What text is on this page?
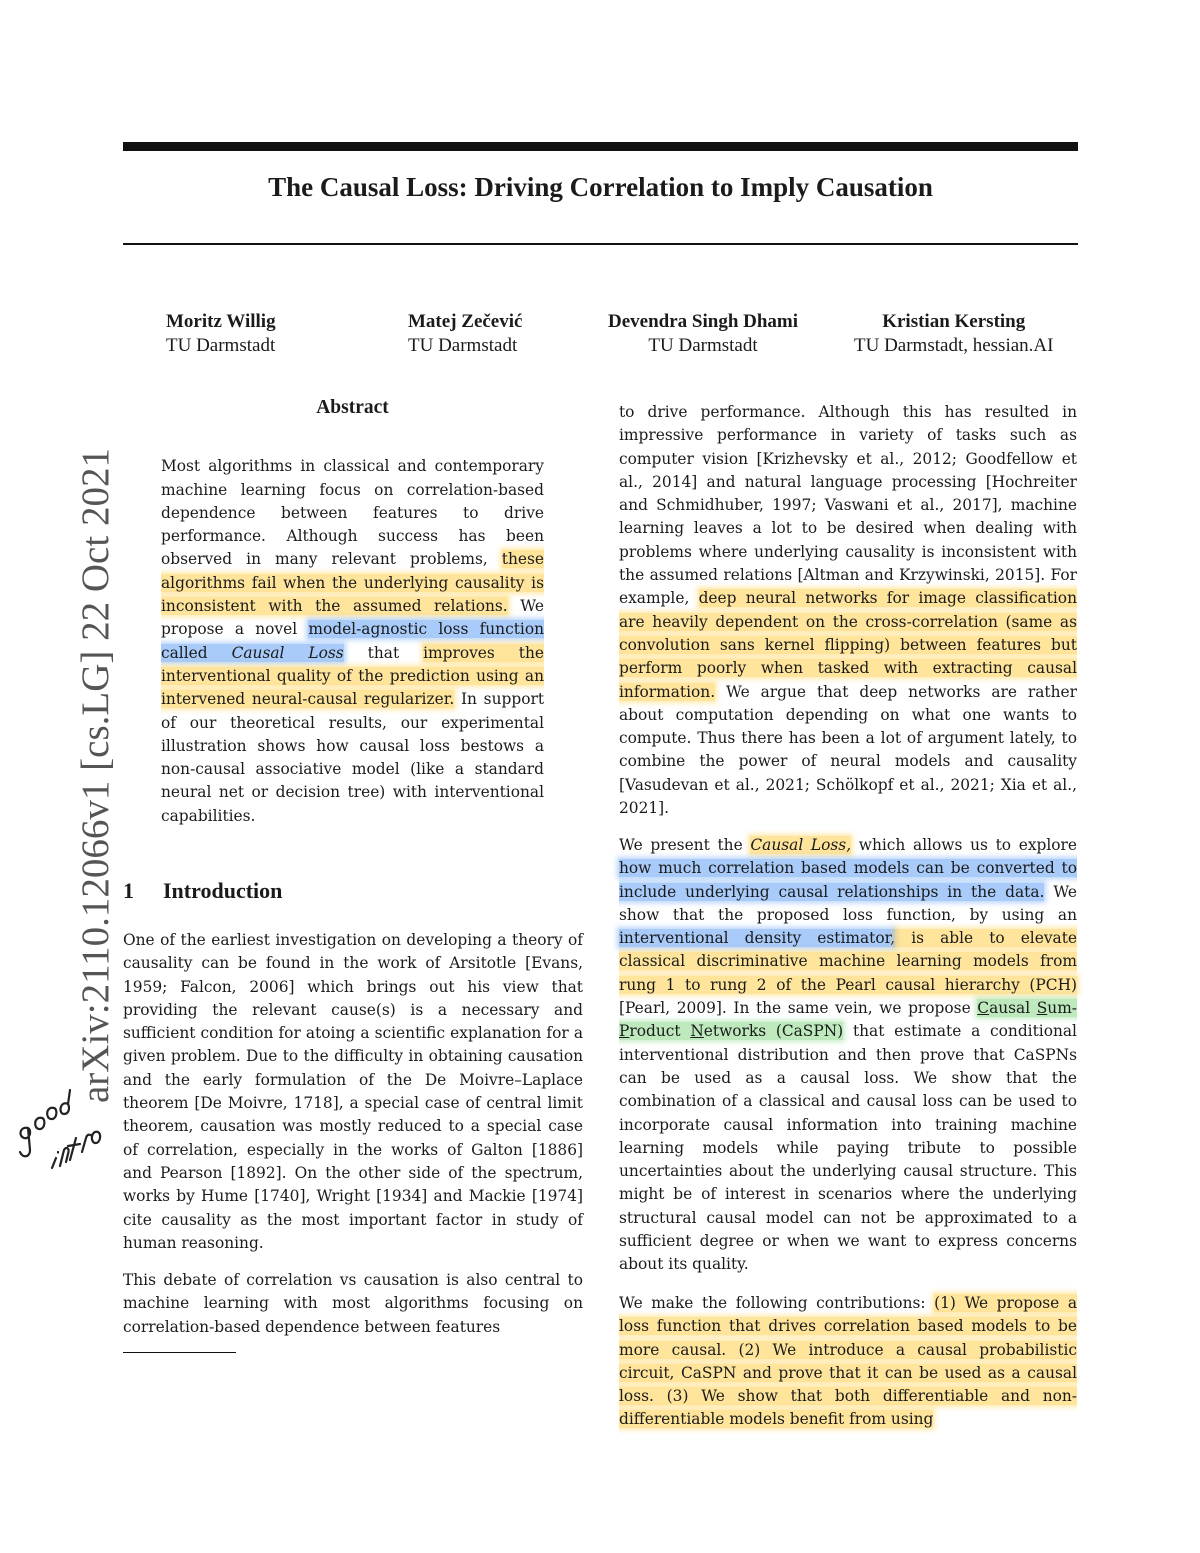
The Causal Loss: Driving Correlation to Imply Causation
Moritz Willig
TU Darmstadt
Matej Zečević
TU Darmstadt
Devendra Singh Dhami
TU Darmstadt
Kristian Kersting
TU Darmstadt, hessian.AI
arXiv:2110.12066v1 [cs.LG] 22 Oct 2021
Abstract

Most algorithms in classical and contemporary machine learning focus on correlation-based dependence between features to drive performance. Although success has been observed in many relevant problems, these algorithms fail when the underlying causality is inconsistent with the assumed relations. We propose a novel model-agnostic loss function called Causal Loss that improves the interventional quality of the prediction using an intervened neural-causal regularizer. In support of our theoretical results, our experimental illustration shows how causal loss bestows a non-causal associative model (like a standard neural net or decision tree) with interventional capabilities.

1 Introduction

One of the earliest investigation on developing a theory of causality can be found in the work of Arsitotle [Evans, 1959; Falcon, 2006] which brings out his view that providing the relevant cause(s) is a necessary and sufficient condition for atoing a scientific explanation for a given problem. Due to the difficulty in obtaining causation and the early formulation of the De Moivre–Laplace theorem [De Moivre, 1718], a special case of central limit theorem, causation was mostly reduced to a special case of correlation, especially in the works of Galton [1886] and Pearson [1892]. On the other side of the spectrum, works by Hume [1740], Wright [1934] and Mackie [1974] cite causality as the most important factor in study of human reasoning.

This debate of correlation vs causation is also central to machine learning with most algorithms focusing on correlation-based dependence between features

to drive performance. Although this has resulted in impressive performance in variety of tasks such as computer vision [Krizhevsky et al., 2012; Goodfellow et al., 2014] and natural language processing [Hochreiter and Schmidhuber, 1997; Vaswani et al., 2017], machine learning leaves a lot to be desired when dealing with problems where underlying causality is inconsistent with the assumed relations [Altman and Krzywinski, 2015]. For example, deep neural networks for image classification are heavily dependent on the cross-correlation (same as convolution sans kernel flipping) between features but perform poorly when tasked with extracting causal information. We argue that deep networks are rather about computation depending on what one wants to compute. Thus there has been a lot of argument lately, to combine the power of neural models and causality [Vasudevan et al., 2021; Schölkopf et al., 2021; Xia et al., 2021].

We present the Causal Loss, which allows us to explore how much correlation based models can be converted to include underlying causal relationships in the data. We show that the proposed loss function, by using an interventional density estimator, is able to elevate classical discriminative machine learning models from rung 1 to rung 2 of the Pearl causal hierarchy (PCH) [Pearl, 2009]. In the same vein, we propose Causal Sum-Product Networks (CaSPN) that estimate a conditional interventional distribution and then prove that CaSPNs can be used as a causal loss. We show that the combination of a classical and causal loss can be used to incorporate causal information into training machine learning models while paying tribute to possible uncertainties about the underlying causal structure. This might be of interest in scenarios where the underlying structural causal model can not be approximated to a sufficient degree or when we want to express concerns about its quality.

We make the following contributions: (1) We propose a loss function that drives correlation based models to be more causal. (2) We introduce a causal probabilistic circuit, CaSPN and prove that it can be used as a causal loss. (3) We show that both differentiable and non-differentiable models benefit from using
